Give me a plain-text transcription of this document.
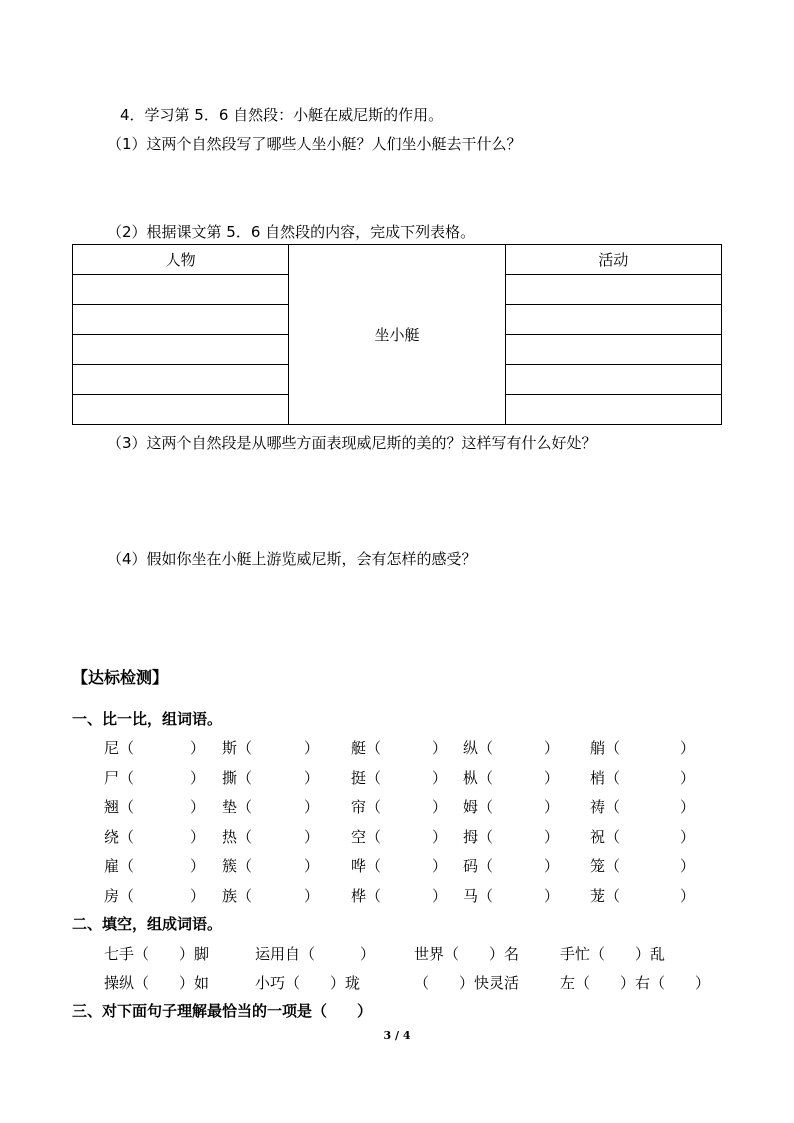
4．学习第 5．6 自然段：小艇在威尼斯的作用。
（1）这两个自然段写了哪些人坐小艇？人们坐小艇去干什么？
（2）根据课文第 5．6 自然段的内容，完成下列表格。
人物	坐小艇	活动

（3）这两个自然段是从哪些方面表现威尼斯的美的？这样写有什么好处？
（4）假如你坐在小艇上游览威尼斯，会有怎样的感受？
【达标检测】
一、比一比，组词语。
尼（	） 斯（	） 艇（	） 纵（	） 艄（	）
尸（	） 撕（	） 挺（	） 枞（	） 梢（	）
翘（	） 垫（	） 帘（	） 姆（	） 祷（	）
绕（	） 热（	） 空（	） 拇（	） 祝（	）
雇（	） 簇（	） 哗（	） 码（	） 笼（	）
房（	） 族（	） 桦（	） 马（	） 茏（	）
二、填空，组成词语。
七手（　　）脚	运用自（　　　）	世界（　　）名	手忙（　　）乱
操纵（　　）如	小巧（　　）珑	（　　）快灵活	左（　　）右（　　）
三、对下面句子理解最恰当的一项是（　　）
3 / 4
